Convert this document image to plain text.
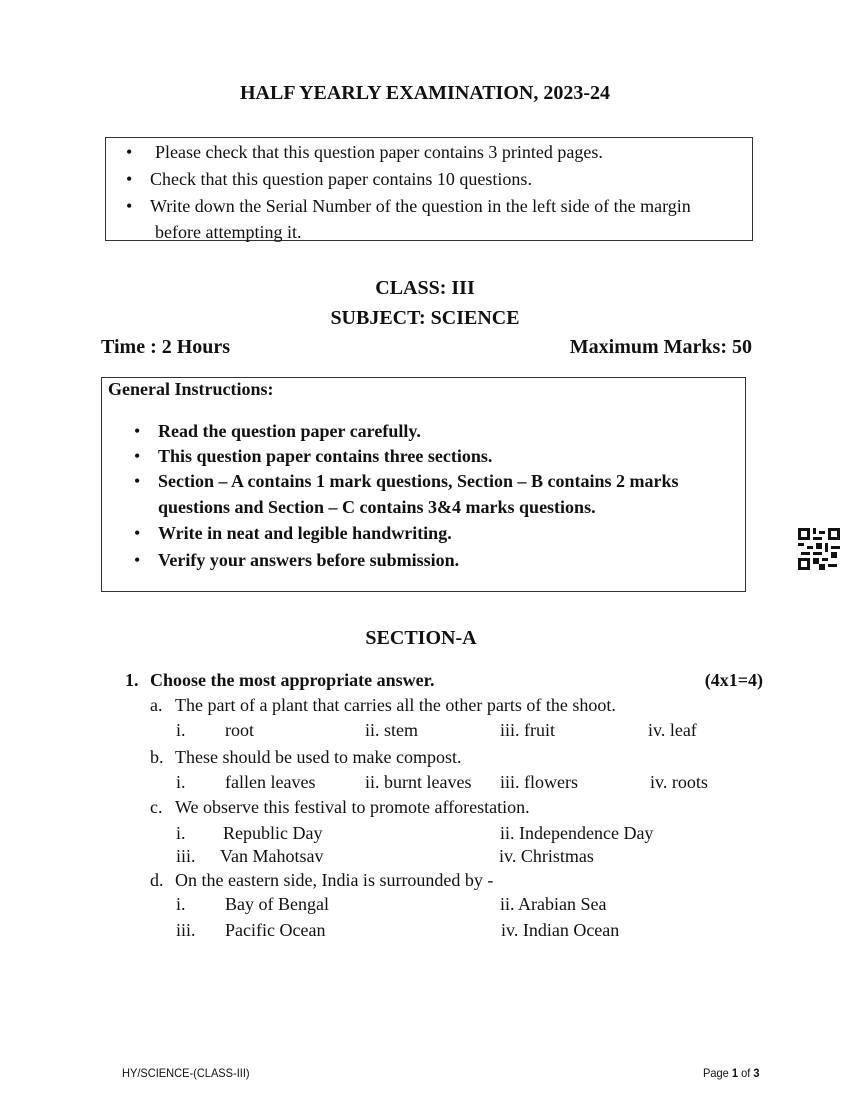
HALF YEARLY EXAMINATION, 2023-24
• Please check that this question paper contains 3 printed pages.
• Check that this question paper contains 10 questions.
• Write down the Serial Number of the question in the left side of the margin
before attempting it.
CLASS: III
SUBJECT: SCIENCE
Time : 2 Hours	Maximum Marks: 50
General Instructions:
• Read the question paper carefully.
• This question paper contains three sections.
• Section – A contains 1 mark questions, Section – B contains 2 marks
questions and Section – C contains 3&4 marks questions.
• Write in neat and legible handwriting.
• Verify your answers before submission.
SECTION-A
1. Choose the most appropriate answer.	(4x1=4)
a. The part of a plant that carries all the other parts of the shoot.
i. root	ii. stem	iii. fruit	iv. leaf
b. These should be used to make compost.
i. fallen leaves	ii. burnt leaves iii. flowers	iv. roots
c. We observe this festival to promote afforestation.
i. Republic Day	ii. Independence Day
iii. Van Mahotsav	iv. Christmas
d. On the eastern side, India is surrounded by -
i. Bay of Bengal	ii. Arabian Sea
iii. Pacific Ocean	iv. Indian Ocean
HY/SCIENCE-(CLASS-III)	Page 1 of 3
